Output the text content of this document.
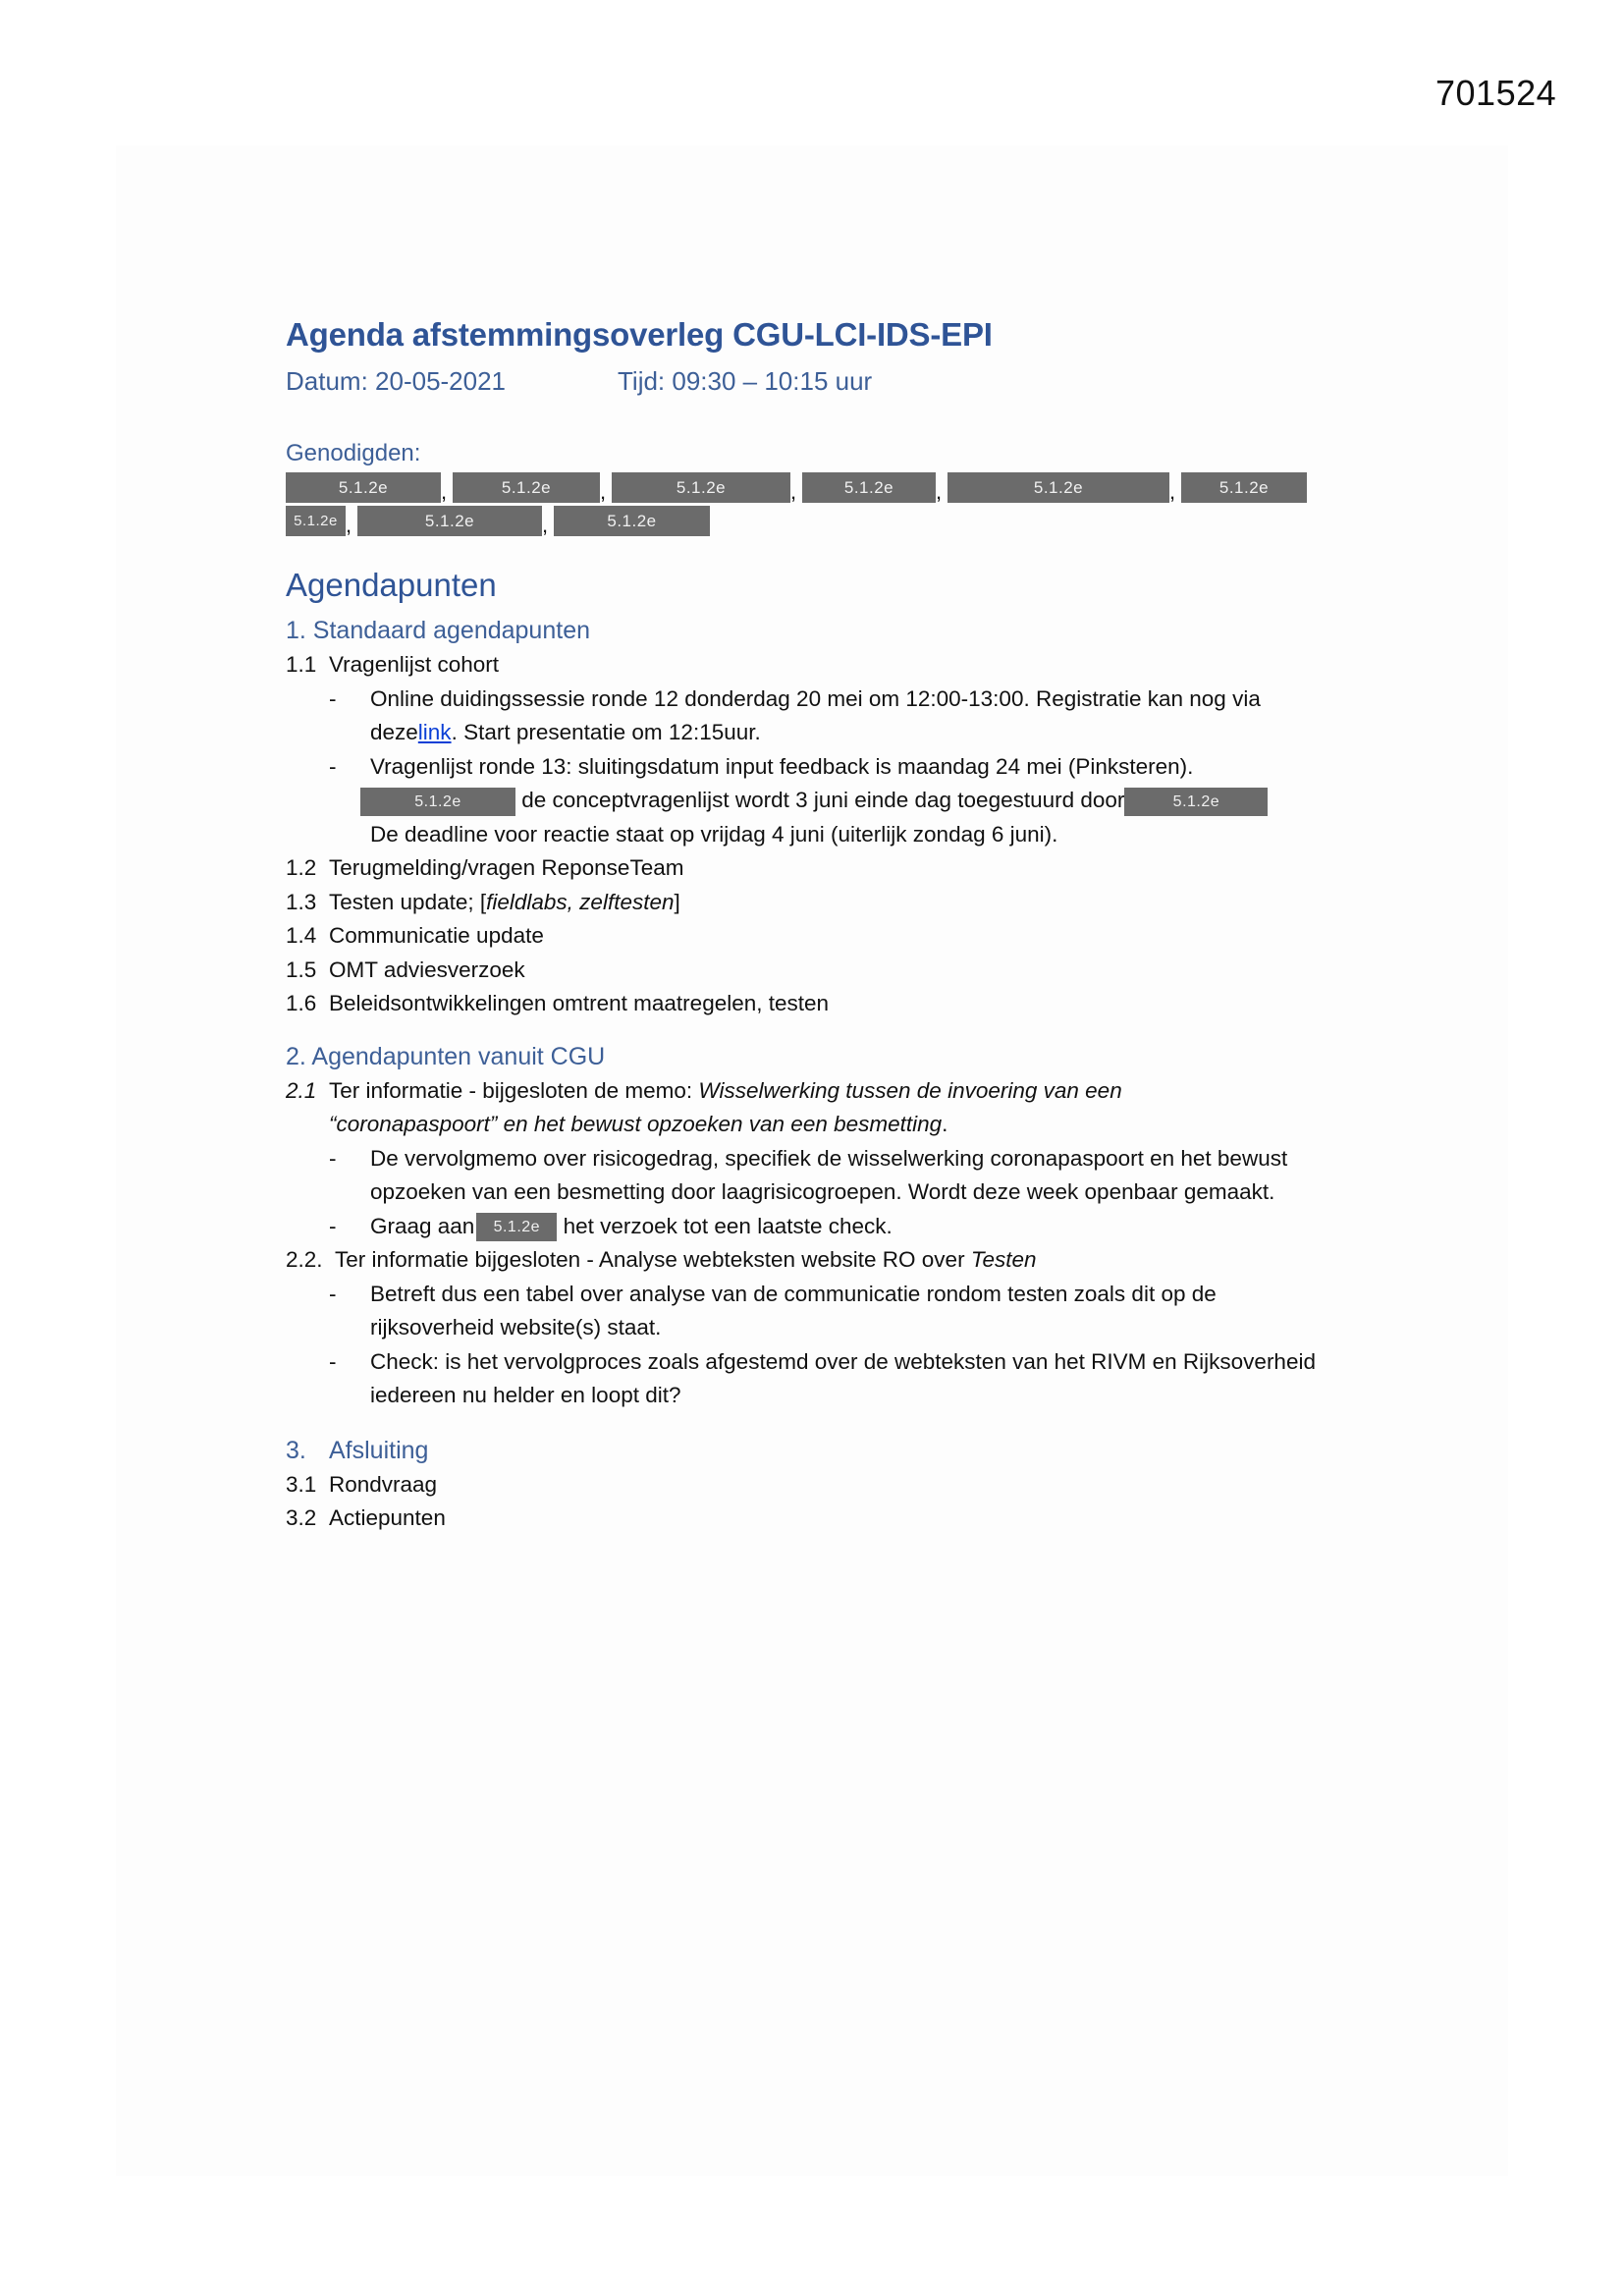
701524
Agenda afstemmingsoverleg CGU-LCI-IDS-EPI
Datum: 20-05-2021	Tijd: 09:30 – 10:15 uur
Genodigden:
5.1.2e	,	5.1.2e	,	5.1.2e	,	5.1.2e	,	5.1.2e	,	5.1.2e
5.1.2e ,	5.1.2e	,	5.1.2e
Agendapunten
1. Standaard agendapunten
1.1 Vragenlijst cohort
-	Online duidingssessie ronde 12 donderdag 20 mei om 12:00-13:00. Registratie kan nog via dezelink. Start presentatie om 12:15uur.
-	Vragenlijst ronde 13: sluitingsdatum input feedback is maandag 24 mei (Pinksteren).
5.1.2e de conceptvragenlijst wordt 3 juni einde dag toegestuurd door	5.1.2e
De deadline voor reactie staat op vrijdag 4 juni (uiterlijk zondag 6 juni).
1.2 Terugmelding/vragen ReponseTeam
1.3 Testen update; [fieldlabs, zelftesten]
1.4 Communicatie update
1.5 OMT adviesverzoek
1.6 Beleidsontwikkelingen omtrent maatregelen, testen
2. Agendapunten vanuit CGU
2.1 Ter informatie - bijgesloten de memo: Wisselwerking tussen de invoering van een
“coronapaspoort” en het bewust opzoeken van een besmetting.
-	De vervolgmemo over risicogedrag, specifiek de wisselwerking coronapaspoort en het bewust opzoeken van een besmetting door laagrisicogroepen. Wordt deze week openbaar gemaakt.
-	Graag aan 5.1.2e het verzoek tot een laatste check.
2.2. Ter informatie bijgesloten - Analyse webteksten website RO over Testen
-	Betreft dus een tabel over analyse van de communicatie rondom testen zoals dit op de rijksoverheid website(s) staat.
-	Check: is het vervolgproces zoals afgestemd over de webteksten van het RIVM en Rijksoverheid iedereen nu helder en loopt dit?
3. Afsluiting
3.1 Rondvraag
3.2 Actiepunten
